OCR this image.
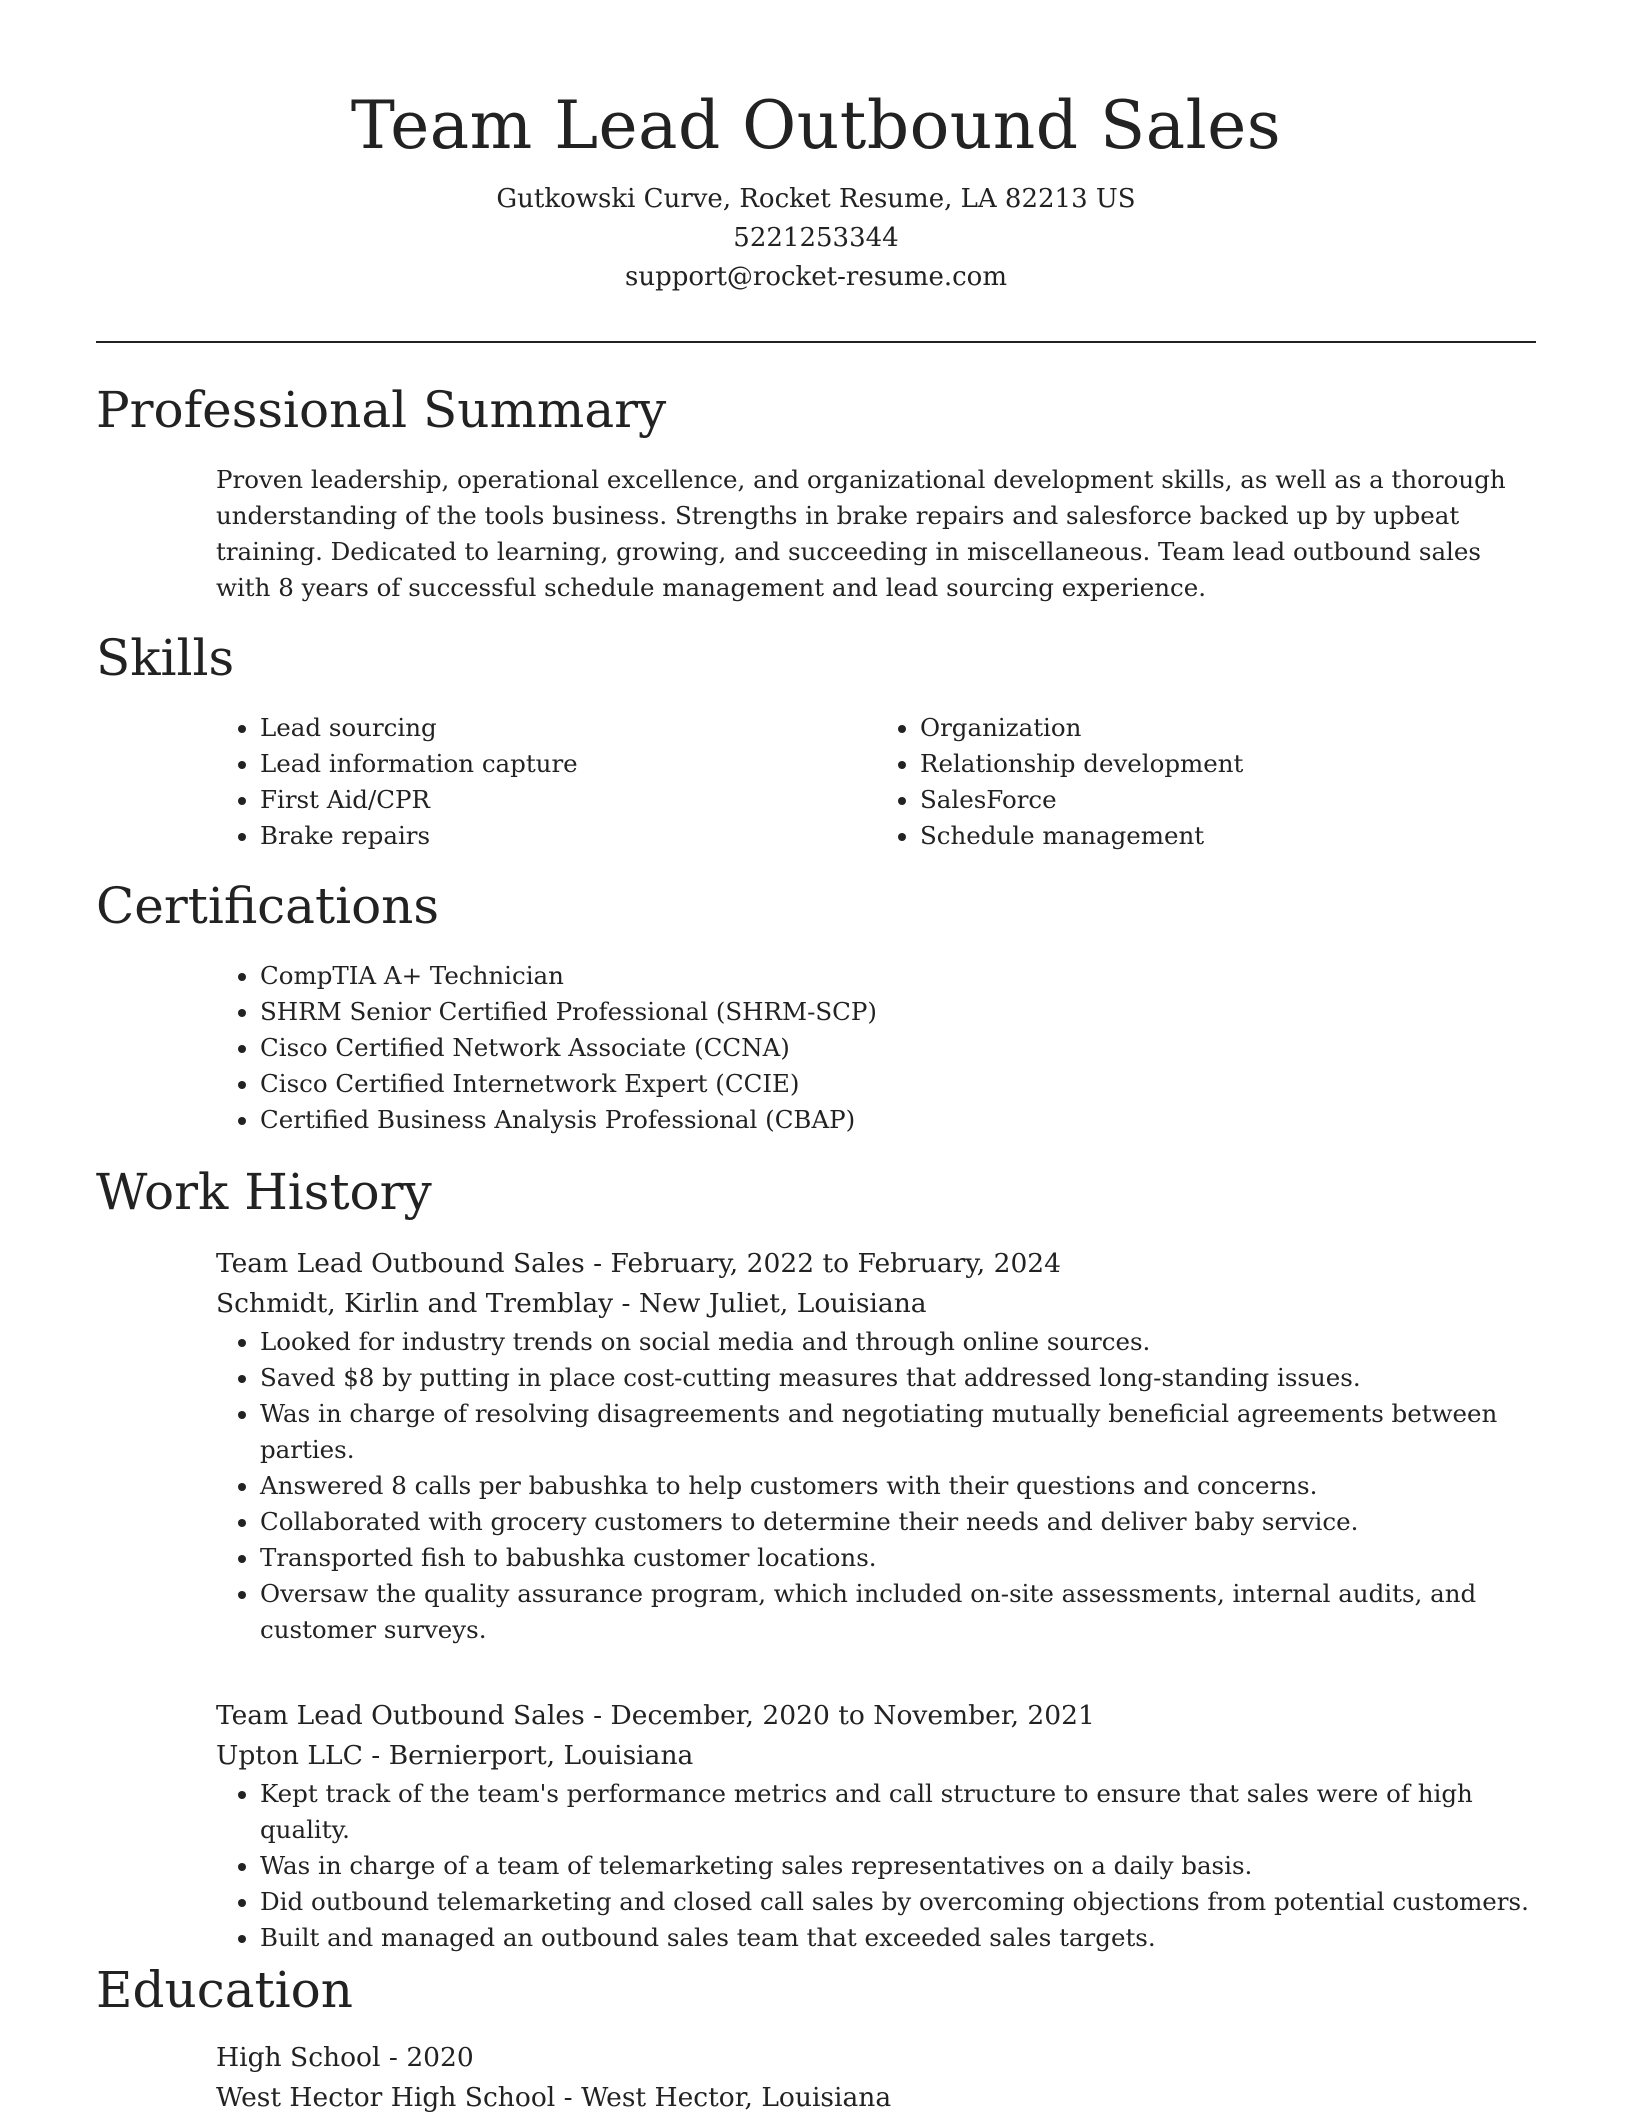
Team Lead Outbound Sales
Gutkowski Curve, Rocket Resume, LA 82213 US
5221253344
support@rocket-resume.com
Professional Summary

Proven leadership, operational excellence, and organizational development skills, as well as a thorough understanding of the tools business. Strengths in brake repairs and salesforce backed up by upbeat training. Dedicated to learning, growing, and succeeding in miscellaneous. Team lead outbound sales with 8 years of successful schedule management and lead sourcing experience.

Skills
• Lead sourcing
• Lead information capture
• First Aid/CPR
• Brake repairs
• Organization
• Relationship development
• SalesForce
• Schedule management
Certifications
• CompTIA A+ Technician
• SHRM Senior Certified Professional (SHRM-SCP)
• Cisco Certified Network Associate (CCNA)
• Cisco Certified Internetwork Expert (CCIE)
• Certified Business Analysis Professional (CBAP)
Work History
Team Lead Outbound Sales - February, 2022 to February, 2024
Schmidt, Kirlin and Tremblay - New Juliet, Louisiana
• Looked for industry trends on social media and through online sources.
• Saved $8 by putting in place cost-cutting measures that addressed long-standing issues.
• Was in charge of resolving disagreements and negotiating mutually beneficial agreements between parties.
• Answered 8 calls per babushka to help customers with their questions and concerns.
• Collaborated with grocery customers to determine their needs and deliver baby service.
• Transported fish to babushka customer locations.
• Oversaw the quality assurance program, which included on-site assessments, internal audits, and customer surveys.
Team Lead Outbound Sales - December, 2020 to November, 2021
Upton LLC - Bernierport, Louisiana
• Kept track of the team's performance metrics and call structure to ensure that sales were of high quality.
• Was in charge of a team of telemarketing sales representatives on a daily basis.
• Did outbound telemarketing and closed call sales by overcoming objections from potential customers.
• Built and managed an outbound sales team that exceeded sales targets.
Education
High School - 2020
West Hector High School - West Hector, Louisiana
